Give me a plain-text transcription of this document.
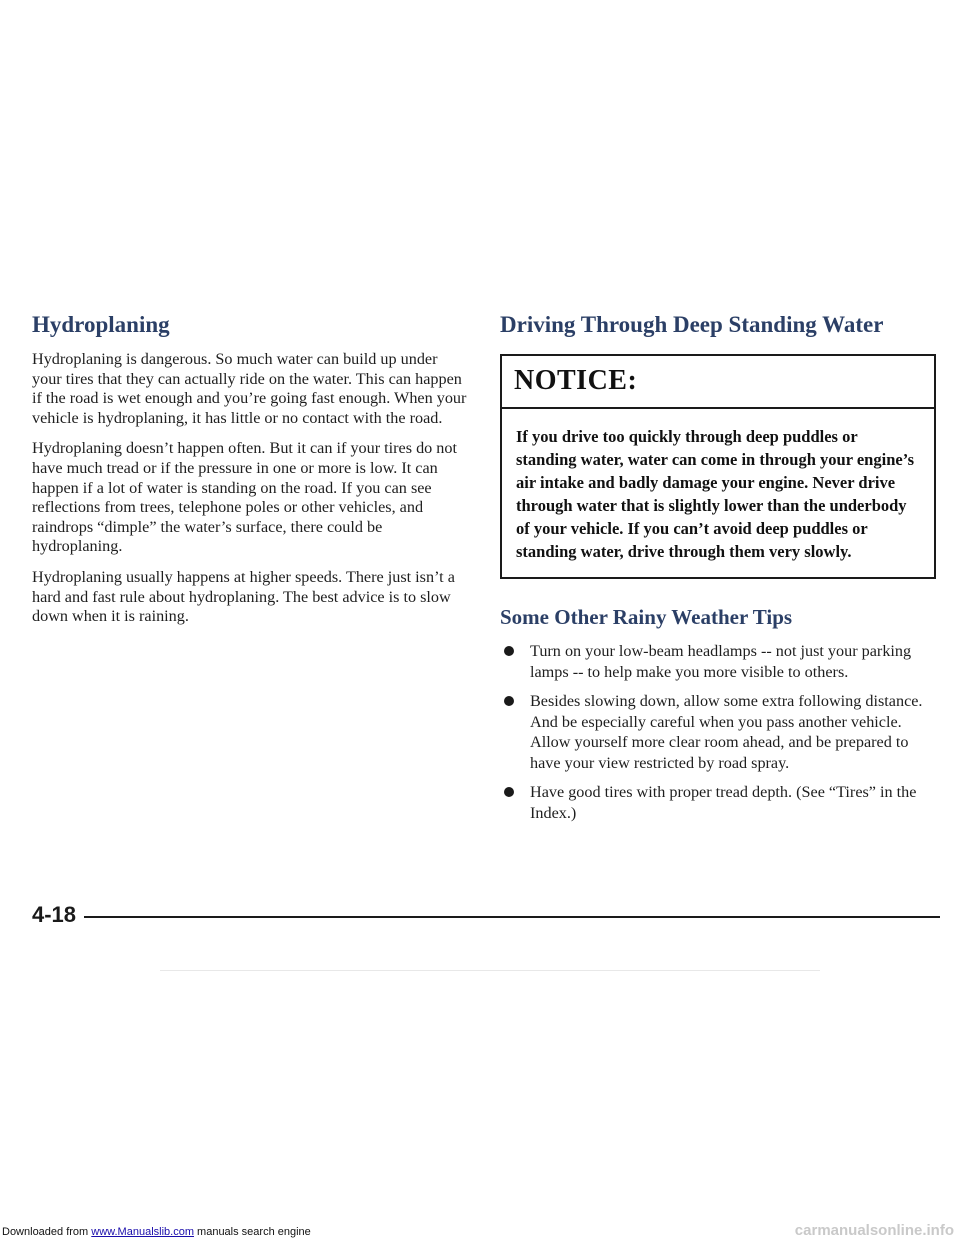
Hydroplaning

Hydroplaning is dangerous. So much water can build up under your tires that they can actually ride on the water. This can happen if the road is wet enough and you’re going fast enough. When your vehicle is hydroplaning, it has little or no contact with the road.

Hydroplaning doesn’t happen often. But it can if your tires do not have much tread or if the pressure in one or more is low. It can happen if a lot of water is standing on the road. If you can see reflections from trees, telephone poles or other vehicles, and raindrops “dimple” the water’s surface, there could be hydroplaning.

Hydroplaning usually happens at higher speeds. There just isn’t a hard and fast rule about hydroplaning. The best advice is to slow down when it is raining.

Driving Through Deep Standing Water
NOTICE:
If you drive too quickly through deep puddles or standing water, water can come in through your engine’s air intake and badly damage your engine. Never drive through water that is slightly lower than the underbody of your vehicle. If you can’t avoid deep puddles or standing water, drive through them very slowly.
Some Other Rainy Weather Tips
Turn on your low-beam headlamps -- not just your parking lamps -- to help make you more visible to others.
Besides slowing down, allow some extra following distance. And be especially careful when you pass another vehicle. Allow yourself more clear room ahead, and be prepared to have your view restricted by road spray.
Have good tires with proper tread depth. (See “Tires” in the Index.)
4-18
Downloaded from www.Manualslib.com manuals search engine	carmanualsonline.info
